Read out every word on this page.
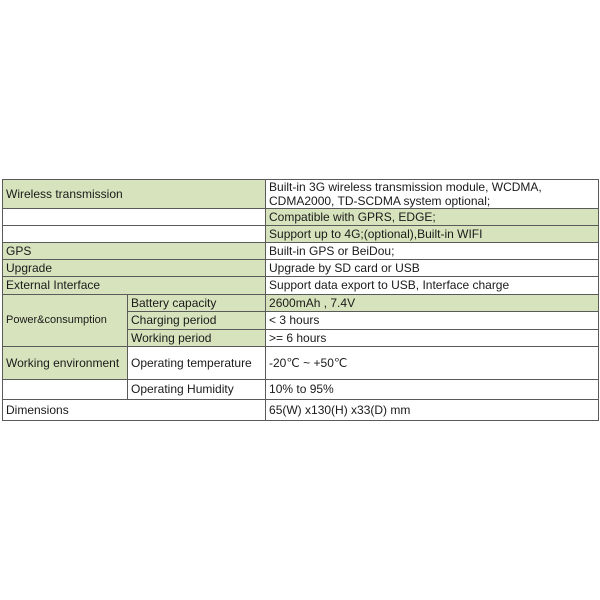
Wireless transmission		Built-in 3G wireless transmission module, WCDMA, CDMA2000, TD-SCDMA system optional;

		Compatible with GPRS, EDGE;
		Support up to 4G;(optional),Built-in WIFI
GPS		Built-in GPS or BeiDou;
Upgrade		Upgrade by SD card or USB
External Interface		Support data export to USB, Interface charge
Power&consumption	Battery capacity	2600mAh , 7.4V
	Charging period	< 3 hours
	Working period	>= 6 hours
Working environment	Operating temperature	-20℃ ~ +50℃
	Operating Humidity	10% to 95%
Dimensions		65(W) x130(H) x33(D) mm
